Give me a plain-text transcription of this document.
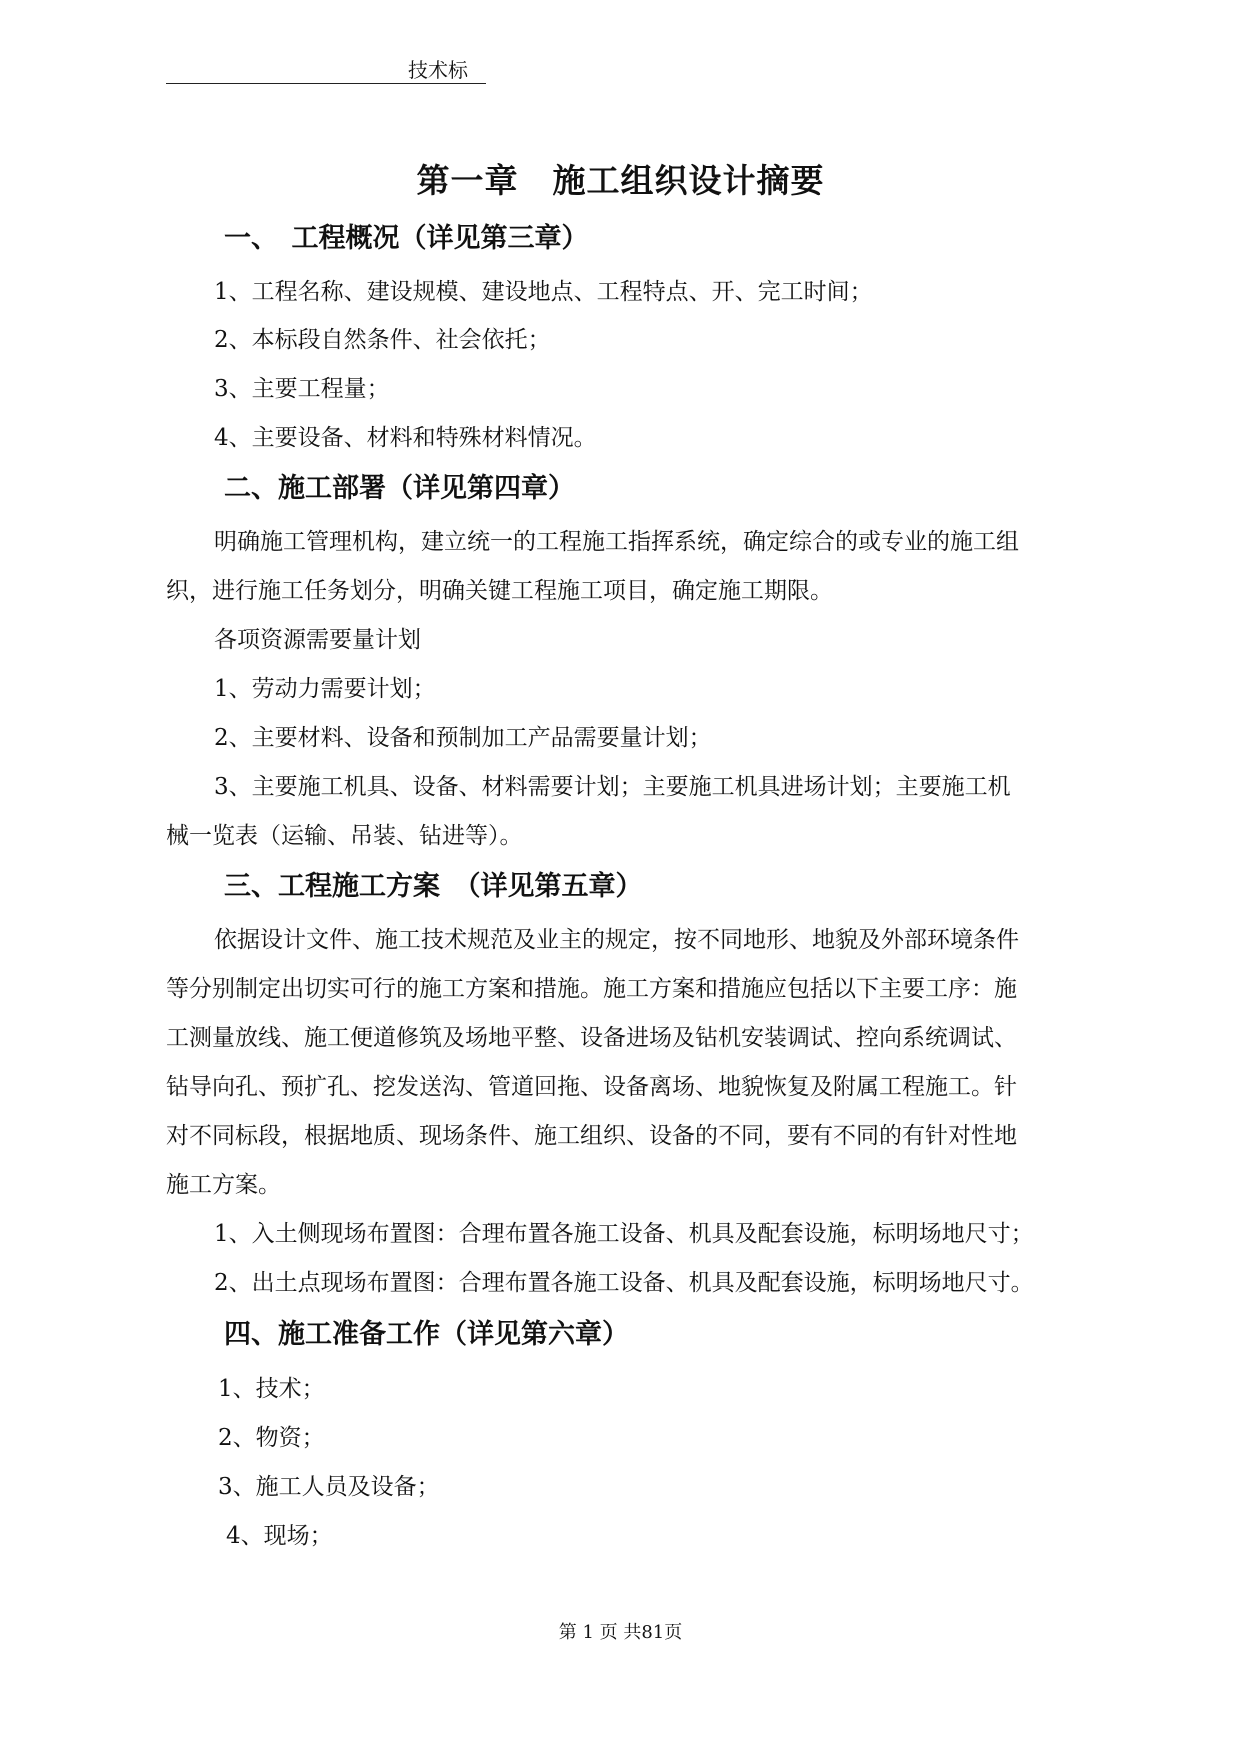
技术标
第一章　施工组织设计摘要
一、　工程概况（详见第三章）
1、工程名称、建设规模、建设地点、工程特点、开、完工时间；
2、本标段自然条件、社会依托；
3、主要工程量；
4、主要设备、材料和特殊材料情况。
二、施工部署（详见第四章）
明确施工管理机构，建立统一的工程施工指挥系统，确定综合的或专业的施工组
织，进行施工任务划分，明确关键工程施工项目，确定施工期限。
各项资源需要量计划
1、劳动力需要计划；
2、主要材料、设备和预制加工产品需要量计划；
3、主要施工机具、设备、材料需要计划；主要施工机具进场计划；主要施工机
械一览表（运输、吊装、钻进等）。
三、工程施工方案　（详见第五章）
依据设计文件、施工技术规范及业主的规定，按不同地形、地貌及外部环境条件
等分别制定出切实可行的施工方案和措施。施工方案和措施应包括以下主要工序：施
工测量放线、施工便道修筑及场地平整、设备进场及钻机安装调试、控向系统调试、
钻导向孔、预扩孔、挖发送沟、管道回拖、设备离场、地貌恢复及附属工程施工。针
对不同标段，根据地质、现场条件、施工组织、设备的不同，要有不同的有针对性地
施工方案。
1、入土侧现场布置图：合理布置各施工设备、机具及配套设施，标明场地尺寸；
2、出土点现场布置图：合理布置各施工设备、机具及配套设施，标明场地尺寸。
四、施工准备工作（详见第六章）
1、技术；
2、物资；
3、施工人员及设备；
4、现场；
第 1 页 共81页
